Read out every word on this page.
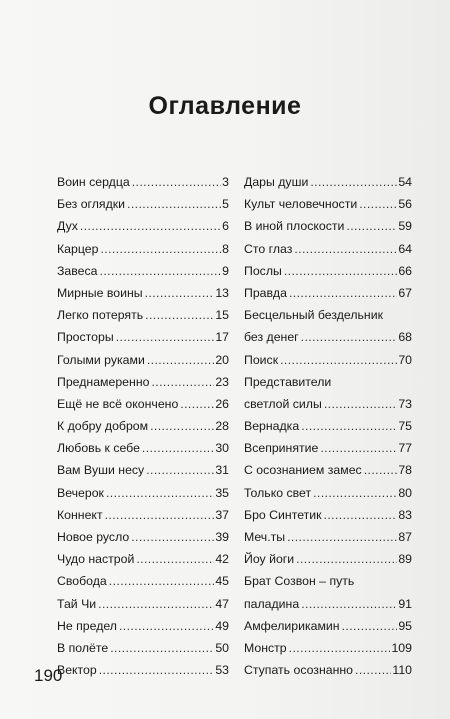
Оглавление
Воин сердца .....	3
Без оглядки .....	5
Дух .....	6
Карцер .....	8
Завеса .....	9
Мирные воины .....	13
Легко потерять .....	15
Просторы .....	17
Голыми руками .....	20
Преднамеренно .....	23
Ещё не всё окончено .....	26
К добру добром .....	28
Любовь к себе .....	30
Вам Вуши несу .....	31
Вечерок .....	35
Коннект .....	37
Новое русло .....	39
Чудо настрой .....	42
Свобода .....	45
Тай Чи .....	47
Не предел .....	49
В полёте .....	50
Вектор .....	53
Дары души .....	54
Культ человечности .....	56
В иной плоскости .....	59
Сто глаз .....	64
Послы .....	66
Правда .....	67
Бесцельный бездельник
без денег .....	68
Поиск .....	70
Представители
светлой силы .....	73
Вернадка .....	75
Всепринятие .....	77
С осознанием замес .....	78
Только свет .....	80
Бро Синтетик .....	83
Меч.ты .....	87
Йоу йоги .....	89
Брат Созвон – путь
паладина .....	91
Амфелирикамин .....	95
Монстр .....	109
Ступать осознанно .....	110
190
